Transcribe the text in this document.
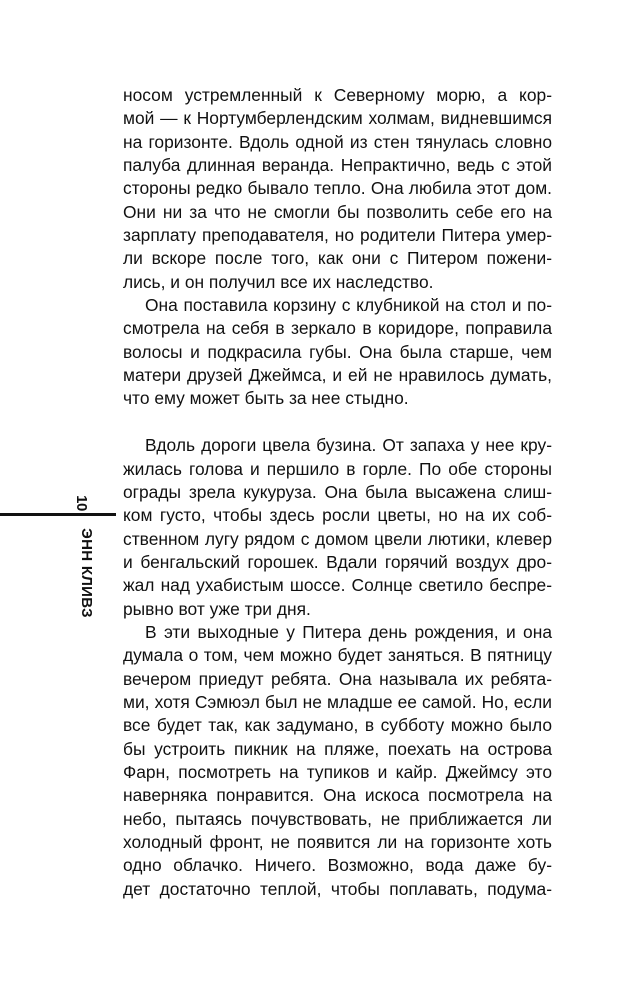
10
ЭНН КЛИВЗ
носом устремленный к Северному морю, а кор-
мой — к Нортумберлендским холмам, видневшимся
на горизонте. Вдоль одной из стен тянулась словно
палуба длинная веранда. Непрактично, ведь с этой
стороны редко бывало тепло. Она любила этот дом.
Они ни за что не смогли бы позволить себе его на
зарплату преподавателя, но родители Питера умер-
ли вскоре после того, как они с Питером пожени-
лись, и он получил все их наследство.
Она поставила корзину с клубникой на стол и по-
смотрела на себя в зеркало в коридоре, поправила
волосы и подкрасила губы. Она была старше, чем
матери друзей Джеймса, и ей не нравилось думать,
что ему может быть за нее стыдно.
Вдоль дороги цвела бузина. От запаха у нее кру-
жилась голова и першило в горле. По обе стороны
ограды зрела кукуруза. Она была высажена слиш-
ком густо, чтобы здесь росли цветы, но на их соб-
ственном лугу рядом с домом цвели лютики, клевер
и бенгальский горошек. Вдали горячий воздух дро-
жал над ухабистым шоссе. Солнце светило беспре-
рывно вот уже три дня.
В эти выходные у Питера день рождения, и она
думала о том, чем можно будет заняться. В пятницу
вечером приедут ребята. Она называла их ребята-
ми, хотя Сэмюэл был не младше ее самой. Но, если
все будет так, как задумано, в субботу можно было
бы устроить пикник на пляже, поехать на острова
Фарн, посмотреть на тупиков и кайр. Джеймсу это
наверняка понравится. Она искоса посмотрела на
небо, пытаясь почувствовать, не приближается ли
холодный фронт, не появится ли на горизонте хоть
одно облачко. Ничего. Возможно, вода даже бу-
дет достаточно теплой, чтобы поплавать, подума-
